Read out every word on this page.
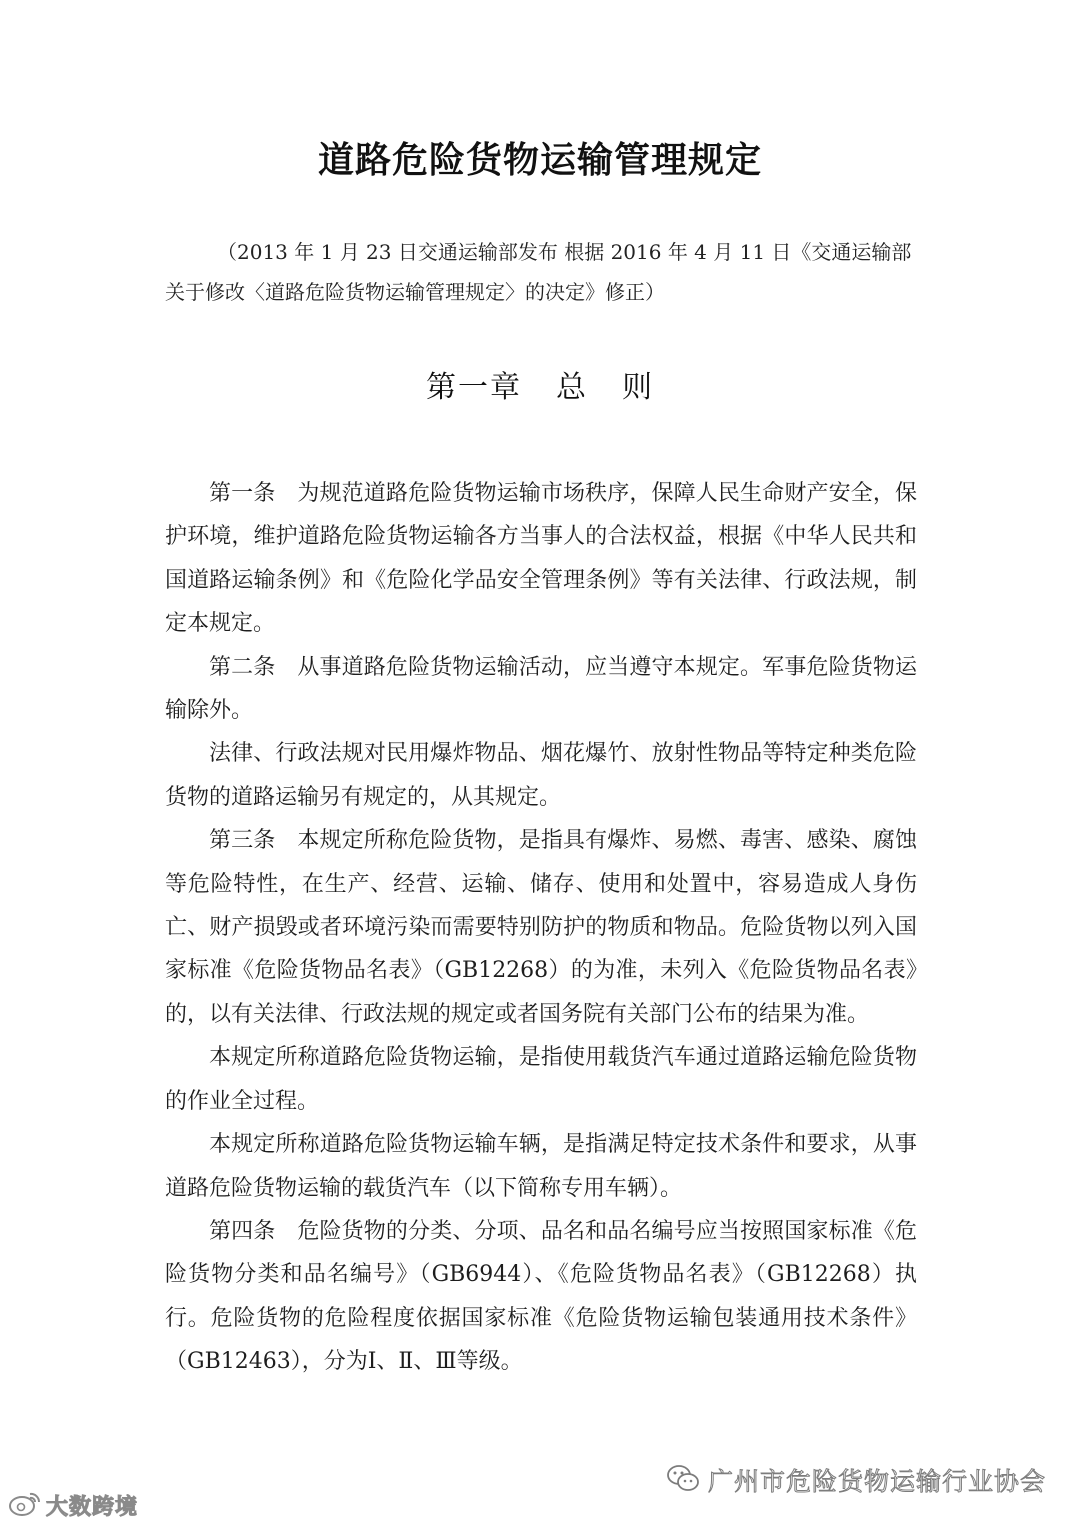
道路危险货物运输管理规定
（2013 年 1 月 23 日交通运输部发布 根据 2016 年 4 月 11 日《交通运输部关于修改〈道路危险货物运输管理规定〉的决定》修正）
第一章 总 则

第一条 为规范道路危险货物运输市场秩序，保障人民生命财产安全，保护环境，维护道路危险货物运输各方当事人的合法权益，根据《中华人民共和国道路运输条例》和《危险化学品安全管理条例》等有关法律、行政法规，制定本规定。

第二条 从事道路危险货物运输活动，应当遵守本规定。军事危险货物运输除外。

法律、行政法规对民用爆炸物品、烟花爆竹、放射性物品等特定种类危险货物的道路运输另有规定的，从其规定。

第三条 本规定所称危险货物，是指具有爆炸、易燃、毒害、感染、腐蚀等危险特性，在生产、经营、运输、储存、使用和处置中，容易造成人身伤亡、财产损毁或者环境污染而需要特别防护的物质和物品。危险货物以列入国家标准《危险货物品名表》（GB12268）的为准，未列入《危险货物品名表》的，以有关法律、行政法规的规定或者国务院有关部门公布的结果为准。

本规定所称道路危险货物运输，是指使用载货汽车通过道路运输危险货物的作业全过程。

本规定所称道路危险货物运输车辆，是指满足特定技术条件和要求，从事道路危险货物运输的载货汽车（以下简称专用车辆）。

第四条 危险货物的分类、分项、品名和品名编号应当按照国家标准《危险货物分类和品名编号》（GB6944）、《危险货物品名表》（GB12268）执行。危险货物的危险程度依据国家标准《危险货物运输包装通用技术条件》（GB12463），分为Ⅰ、Ⅱ、Ⅲ等级。

大数跨境
广州市危险货物运输行业协会
